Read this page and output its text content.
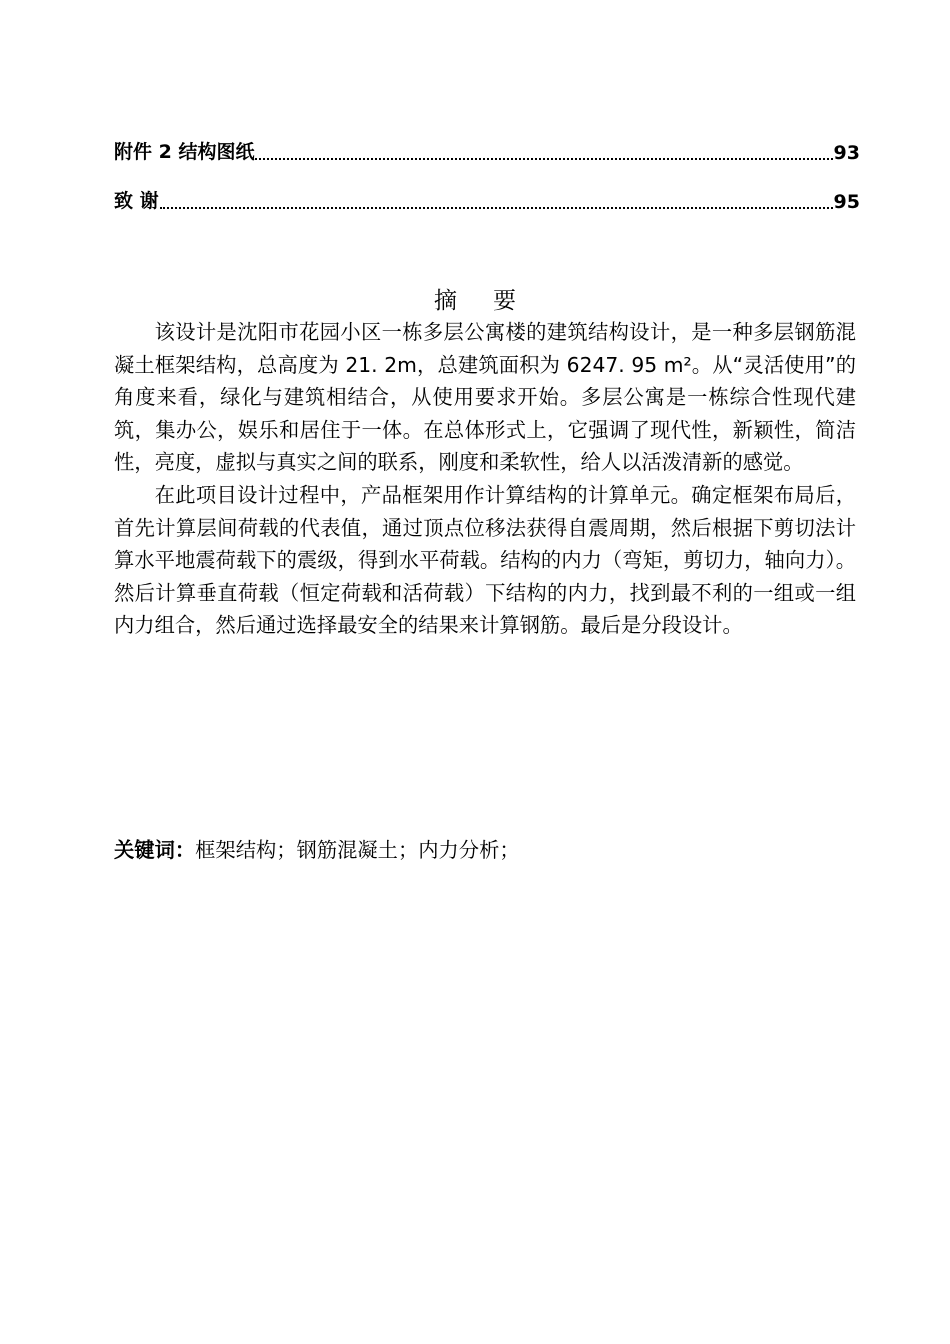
附件 2 结构图纸	93
致 谢	95
摘 要

该设计是沈阳市花园小区一栋多层公寓楼的建筑结构设计，是一种多层钢筋混凝土框架结构，总高度为 21. 2m，总建筑面积为 6247. 95 m²。从“灵活使用”的角度来看，绿化与建筑相结合，从使用要求开始。多层公寓是一栋综合性现代建筑，集办公，娱乐和居住于一体。在总体形式上，它强调了现代性，新颖性，简洁性，亮度，虚拟与真实之间的联系，刚度和柔软性，给人以活泼清新的感觉。

在此项目设计过程中，产品框架用作计算结构的计算单元。确定框架布局后，首先计算层间荷载的代表值，通过顶点位移法获得自震周期，然后根据下剪切法计算水平地震荷载下的震级，得到水平荷载。结构的内力（弯矩，剪切力，轴向力）。然后计算垂直荷载（恒定荷载和活荷载）下结构的内力，找到最不利的一组或一组内力组合，然后通过选择最安全的结果来计算钢筋。最后是分段设计。

关键词：框架结构；钢筋混凝土；内力分析；
